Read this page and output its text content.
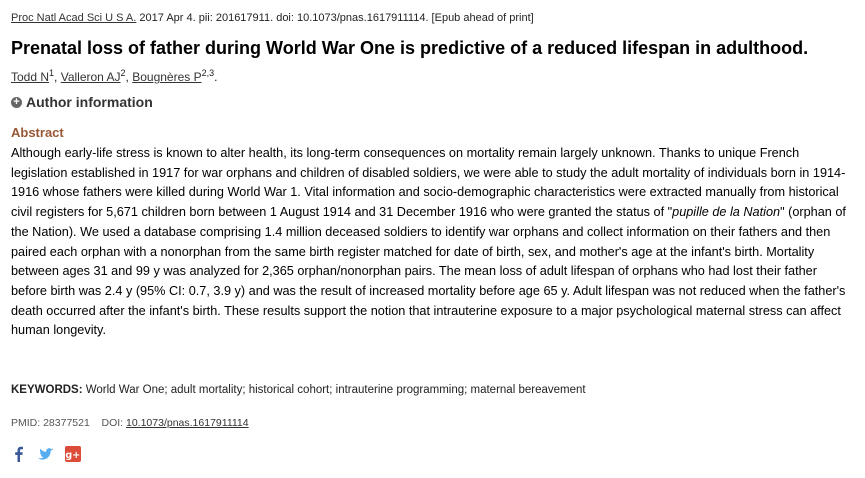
Proc Natl Acad Sci U S A. 2017 Apr 4. pii: 201617911. doi: 10.1073/pnas.1617911114. [Epub ahead of print]
Prenatal loss of father during World War One is predictive of a reduced lifespan in adulthood.
Todd $N^1$, Valleron $AJ^2$, Bougnères P$^{2,3}$.
+ Author information
Abstract

Although early-life stress is known to alter health, its long-term consequences on mortality remain largely unknown. Thanks to unique French legislation established in 1917 for war orphans and children of disabled soldiers, we were able to study the adult mortality of individuals born in 1914-1916 whose fathers were killed during World War 1. Vital information and socio-demographic characteristics were extracted manually from historical civil registers for 5,671 children born between 1 August 1914 and 31 December 1916 who were granted the status of "pupille de la Nation" (orphan of the Nation). We used a database comprising 1.4 million deceased soldiers to identify war orphans and collect information on their fathers and then paired each orphan with a nonorphan from the same birth register matched for date of birth, sex, and mother's age at the infant's birth. Mortality between ages 31 and 99 y was analyzed for 2,365 orphan/nonorphan pairs. The mean loss of adult lifespan of orphans who had lost their father before birth was 2.4 y (95% CI: 0.7, 3.9 y) and was the result of increased mortality before age 65 y. Adult lifespan was not reduced when the father's death occurred after the infant's birth. These results support the notion that intrauterine exposure to a major psychological maternal stress can affect human longevity.

KEYWORDS: World War One; adult mortality; historical cohort; intrauterine programming; maternal bereavement
PMID: 28377521 DOI: 10.1073/pnas.1617911114
g+
